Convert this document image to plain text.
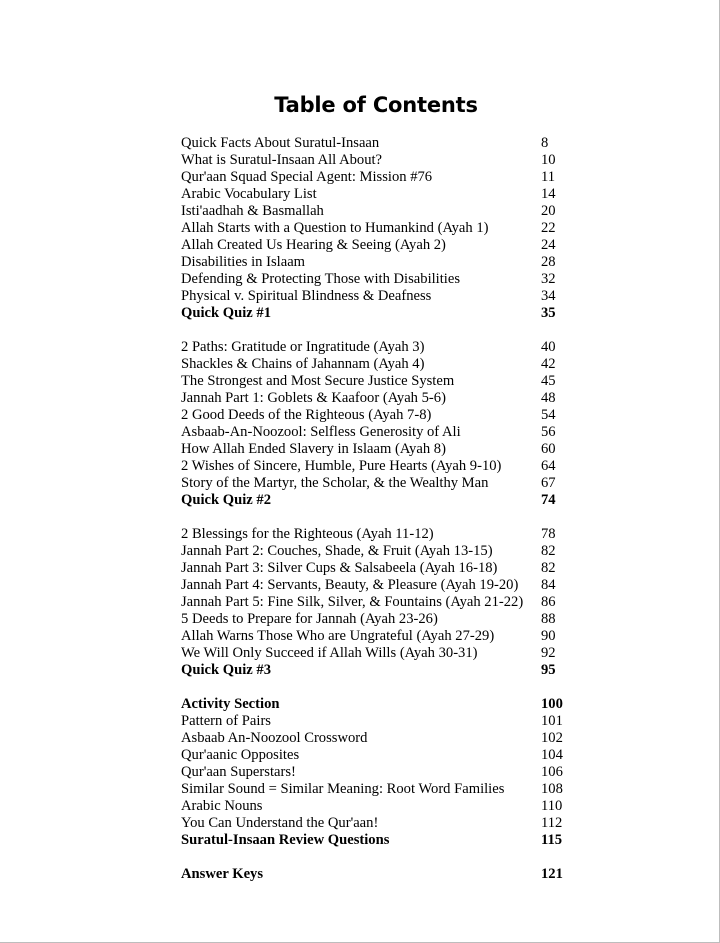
Table of Contents
Quick Facts About Suratul-Insaan	8
What is Suratul-Insaan All About?	10
Qur'aan Squad Special Agent: Mission #76	11
Arabic Vocabulary List	14
Isti'aadhah & Basmallah	20
Allah Starts with a Question to Humankind (Ayah 1)	22
Allah Created Us Hearing & Seeing (Ayah 2)	24
Disabilities in Islaam	28
Defending & Protecting Those with Disabilities	32
Physical v. Spiritual Blindness & Deafness	34
Quick Quiz #1	35
2 Paths: Gratitude or Ingratitude (Ayah 3)	40
Shackles & Chains of Jahannam (Ayah 4)	42
The Strongest and Most Secure Justice System	45
Jannah Part 1: Goblets & Kaafoor (Ayah 5-6)	48
2 Good Deeds of the Righteous (Ayah 7-8)	54
Asbaab-An-Noozool: Selfless Generosity of Ali	56
How Allah Ended Slavery in Islaam (Ayah 8)	60
2 Wishes of Sincere, Humble, Pure Hearts (Ayah 9-10)	64
Story of the Martyr, the Scholar, & the Wealthy Man	67
Quick Quiz #2	74
2 Blessings for the Righteous (Ayah 11-12)	78
Jannah Part 2: Couches, Shade, & Fruit (Ayah 13-15)	82
Jannah Part 3: Silver Cups & Salsabeela (Ayah 16-18)	82
Jannah Part 4: Servants, Beauty, & Pleasure (Ayah 19-20) 84
Jannah Part 5: Fine Silk, Silver, & Fountains (Ayah 21-22) 86
5 Deeds to Prepare for Jannah (Ayah 23-26)	88
Allah Warns Those Who are Ungrateful (Ayah 27-29)	90
We Will Only Succeed if Allah Wills (Ayah 30-31)	92
Quick Quiz #3	95
Activity Section	100
Pattern of Pairs	101
Asbaab An-Noozool Crossword	102
Qur'aanic Opposites	104
Qur'aan Superstars!	106
Similar Sound = Similar Meaning: Root Word Families	108
Arabic Nouns	110
You Can Understand the Qur'aan!	112
Suratul-Insaan Review Questions	115
Answer Keys	121
